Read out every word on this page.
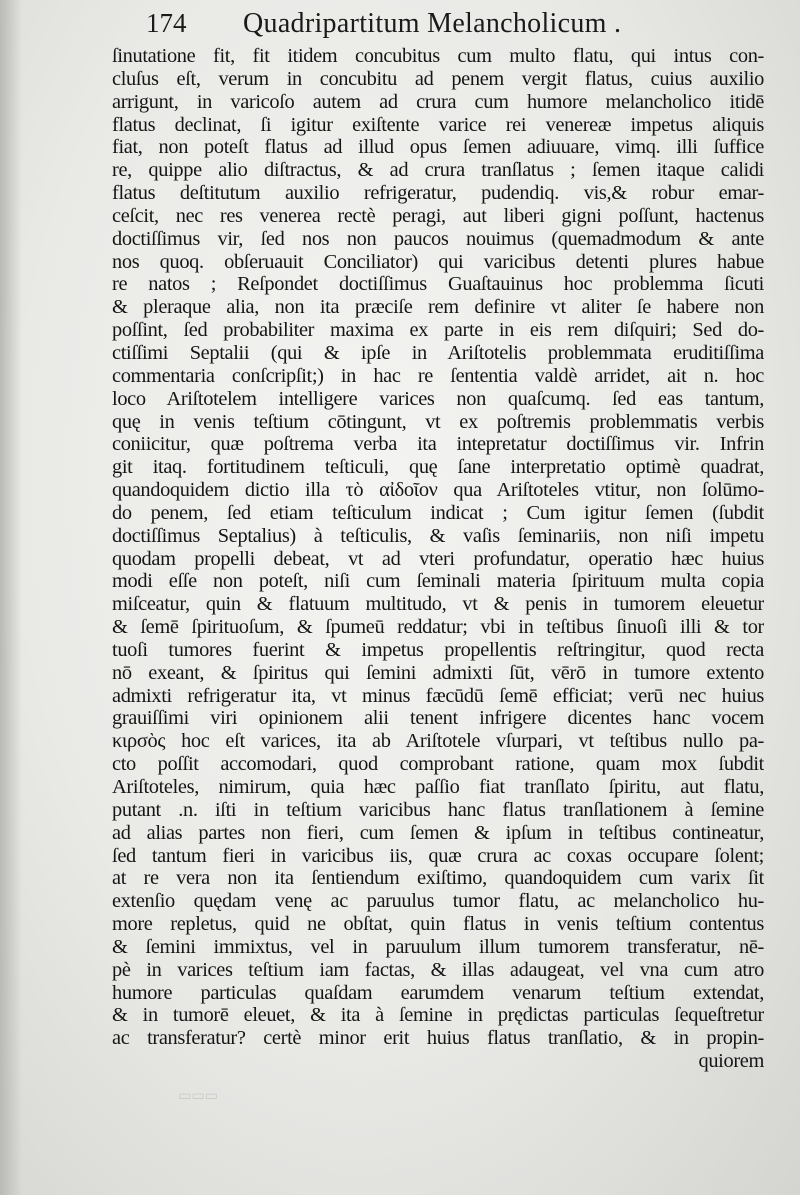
174 Quadripartitum Melancholicum .
ſinutatione fit, fit itidem concubitus cum multo flatu, qui intus con-
cluſus eſt, verum in concubitu ad penem vergit flatus, cuius auxilio
arrigunt, in varicoſo autem ad crura cum humore melancholico itidē
flatus declinat, ſi igitur exiſtente varice rei venereæ impetus aliquis
fiat, non poteſt flatus ad illud opus ſemen adiuuare, vimq. illi ſuffice
re, quippe alio diſtractus, & ad crura tranſlatus ; ſemen itaque calidi
flatus deſtitutum auxilio refrigeratur, pudendiq. vis,& robur emar-
ceſcit, nec res venerea rectè peragi, aut liberi gigni poſſunt, hactenus
doctiſſimus vir, ſed nos non paucos nouimus (quemadmodum & ante
nos quoq. obſeruauit Conciliator) qui varicibus detenti plures habue
re natos ; Reſpondet doctiſſimus Guaſtauinus hoc problemma ſicuti
& pleraque alia, non ita præciſe rem definire vt aliter ſe habere non
poſſint, ſed probabiliter maxima ex parte in eis rem diſquiri; Sed do-
ctiſſimi Septalii (qui & ipſe in Ariſtotelis problemmata eruditiſſima
commentaria conſcripſit;) in hac re ſententia valdè arridet, ait n. hoc
loco Ariſtotelem intelligere varices non quaſcumq. ſed eas tantum,
quę in venis teſtium cōtingunt, vt ex poſtremis problemmatis verbis
coniicitur, quæ poſtrema verba ita intepretatur doctiſſimus vir. Infrin
git itaq. fortitudinem teſticuli, quę ſane interpretatio optimè quadrat,
quandoquidem dictio illa τὸ αἰδοῖον qua Ariſtoteles vtitur, non ſolūmo-
do penem, ſed etiam teſticulum indicat ; Cum igitur ſemen (ſubdit
doctiſſimus Septalius) à teſticulis, & vaſis ſeminariis, non niſi impetu
quodam propelli debeat, vt ad vteri profundatur, operatio hæc huius
modi eſſe non poteſt, niſi cum ſeminali materia ſpirituum multa copia
miſceatur, quin & flatuum multitudo, vt & penis in tumorem eleuetur
& ſemē ſpirituoſum, & ſpumeū reddatur; vbi in teſtibus ſinuoſi illi & tor
tuoſi tumores fuerint & impetus propellentis reſtringitur, quod recta
nō exeant, & ſpiritus qui ſemini admixti ſūt, vērō in tumore extento
admixti refrigeratur ita, vt minus fæcūdū ſemē efficiat; verū nec huius
grauiſſimi viri opinionem alii tenent infrigere dicentes hanc vocem
κιρσὸς hoc eſt varices, ita ab Ariſtotele vſurpari, vt teſtibus nullo pa-
cto poſſit accomodari, quod comprobant ratione, quam mox ſubdit
Ariſtoteles, nimirum, quia hæc paſſio fiat tranſlato ſpiritu, aut flatu,
putant .n. iſti in teſtium varicibus hanc flatus tranſlationem à ſemine
ad alias partes non fieri, cum ſemen & ipſum in teſtibus contineatur,
ſed tantum fieri in varicibus iis, quæ crura ac coxas occupare ſolent;
at re vera non ita ſentiendum exiſtimo, quandoquidem cum varix ſit
extenſio quędam venę ac paruulus tumor flatu, ac melancholico hu-
more repletus, quid ne obſtat, quin flatus in venis teſtium contentus
& ſemini immixtus, vel in paruulum illum tumorem transferatur, nē-
pè in varices teſtium iam factas, & illas adaugeat, vel vna cum atro
humore particulas quaſdam earumdem venarum teſtium extendat,
& in tumorē eleuet, & ita à ſemine in prędictas particulas ſequeſtretur
ac transferatur? certè minor erit huius flatus tranſlatio, & in propin-
quiorem
▭▭▭
